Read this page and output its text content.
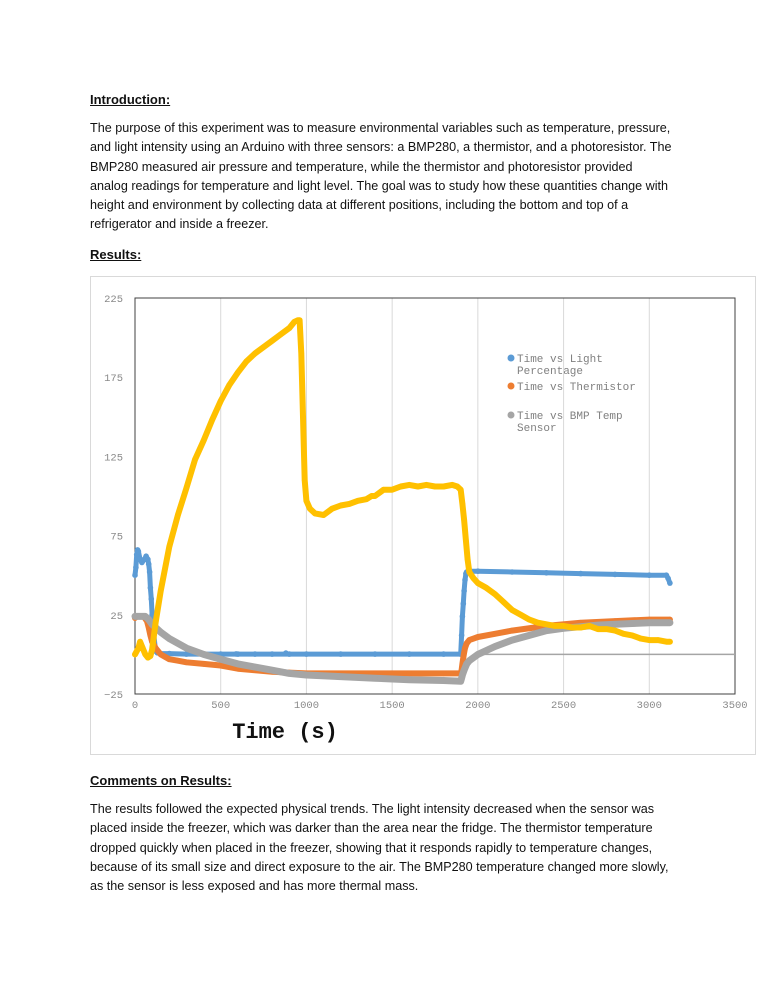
Introduction:
The purpose of this experiment was to measure environmental variables such as temperature, pressure,
and light intensity using an Arduino with three sensors: a BMP280, a thermistor, and a photoresistor. The
BMP280 measured air pressure and temperature, while the thermistor and photoresistor provided
analog readings for temperature and light level. The goal was to study how these quantities change with
height and environment by collecting data at different positions, including the bottom and top of a
refrigerator and inside a freezer.
Results:
−25
25
75
125
175
225
0	500	1000	1500	2000	2500	3000	3500
Time vs Light
Percentage
Time vs Thermistor
Time vs BMP Temp
Sensor
Time (s)
Comments on Results:
The results followed the expected physical trends. The light intensity decreased when the sensor was
placed inside the freezer, which was darker than the area near the fridge. The thermistor temperature
dropped quickly when placed in the freezer, showing that it responds rapidly to temperature changes,
because of its small size and direct exposure to the air. The BMP280 temperature changed more slowly,
as the sensor is less exposed and has more thermal mass.
